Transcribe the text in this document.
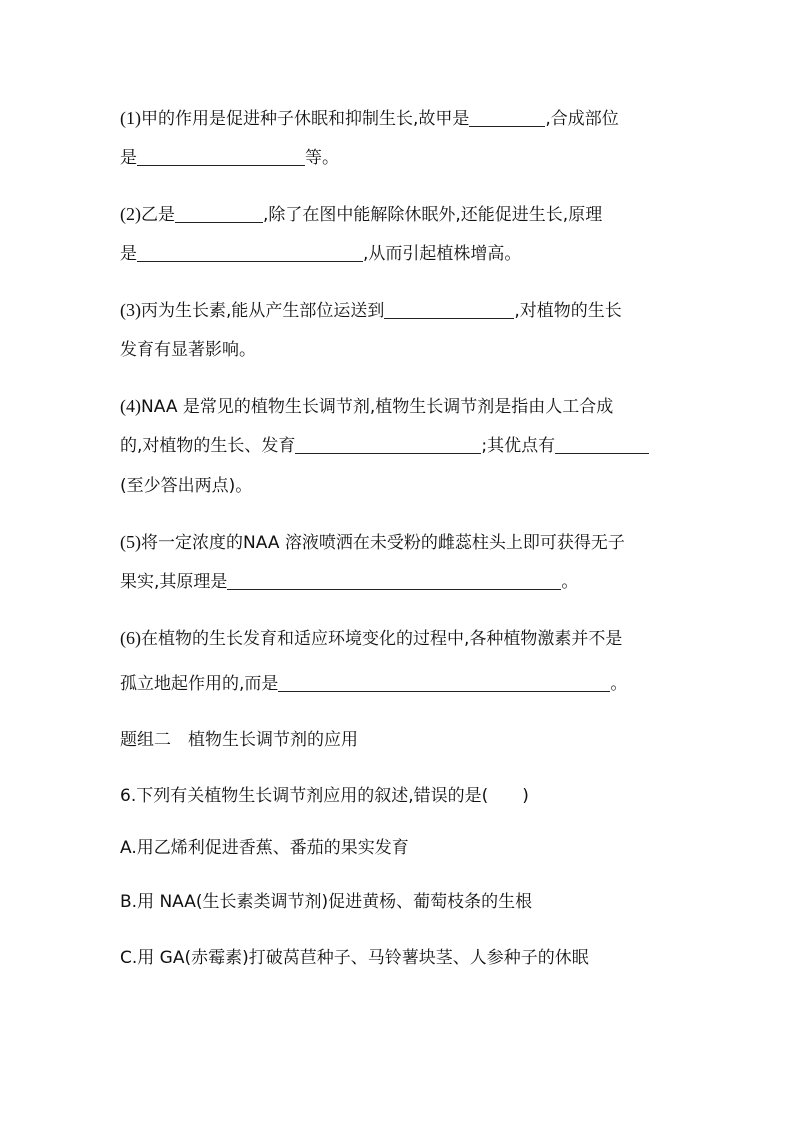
(1)甲的作用是促进种子休眠和抑制生长,故甲是	,合成部位
是	等。
(2)乙是	,除了在图中能解除休眠外,还能促进生长,原理
是	,从而引起植株增高。
(3)丙为生长素,能从产生部位运送到	,对植物的生长
发育有显著影响。
(4)NAA 是常见的植物生长调节剂,植物生长调节剂是指由人工合成
的,对植物的生长、发育	;其优点有
(至少答出两点)。
(5)将一定浓度的NAA 溶液喷洒在未受粉的雌蕊柱头上即可获得无子
果实,其原理是	。
(6)在植物的生长发育和适应环境变化的过程中,各种植物激素并不是
孤立地起作用的,而是	。
题组二　植物生长调节剂的应用
6.下列有关植物生长调节剂应用的叙述,错误的是(　　)
A.用乙烯利促进香蕉、番茄的果实发育
B.用 NAA(生长素类调节剂)促进黄杨、葡萄枝条的生根
C.用 GA(赤霉素)打破莴苣种子、马铃薯块茎、人参种子的休眠
